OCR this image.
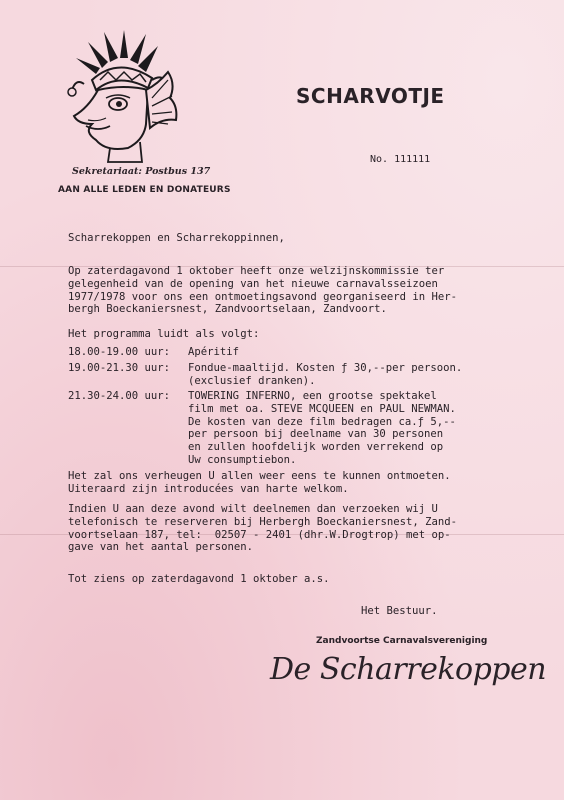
Sekretariaat: Postbus 137
AAN ALLE LEDEN EN DONATEURS
SCHARVOTJE
No. 111111
Scharrekoppen en Scharrekoppinnen,
Op zaterdagavond 1 oktober heeft onze welzijnskommissie ter
gelegenheid van de opening van het nieuwe carnavalsseizoen
1977/1978 voor ons een ontmoetingsavond georganiseerd in Her-
bergh Boeckaniersnest, Zandvoortselaan, Zandvoort.
Het programma luidt als volgt:
18.00-19.00 uur: Apéritif
19.00-21.30 uur: Fondue-maaltijd. Kosten ƒ 30,--per persoon.
(exclusief dranken).
21.30-24.00 uur: TOWERING INFERNO, een grootse spektakel
film met oa. STEVE MCQUEEN en PAUL NEWMAN.
De kosten van deze film bedragen ca.ƒ 5,--
per persoon bij deelname van 30 personen
en zullen hoofdelijk worden verrekend op
Uw consumptiebon.
Het zal ons verheugen U allen weer eens te kunnen ontmoeten.
Uiteraard zijn introducées van harte welkom.
Indien U aan deze avond wilt deelnemen dan verzoeken wij U
telefonisch te reserveren bij Herbergh Boeckaniersnest, Zand-
voortselaan 187, tel:  02507 - 2401 (dhr.W.Drogtrop) met op-
gave van het aantal personen.
Tot ziens op zaterdagavond 1 oktober a.s.
Het Bestuur.
Zandvoortse Carnavalsvereniging
De Scharrekoppen
